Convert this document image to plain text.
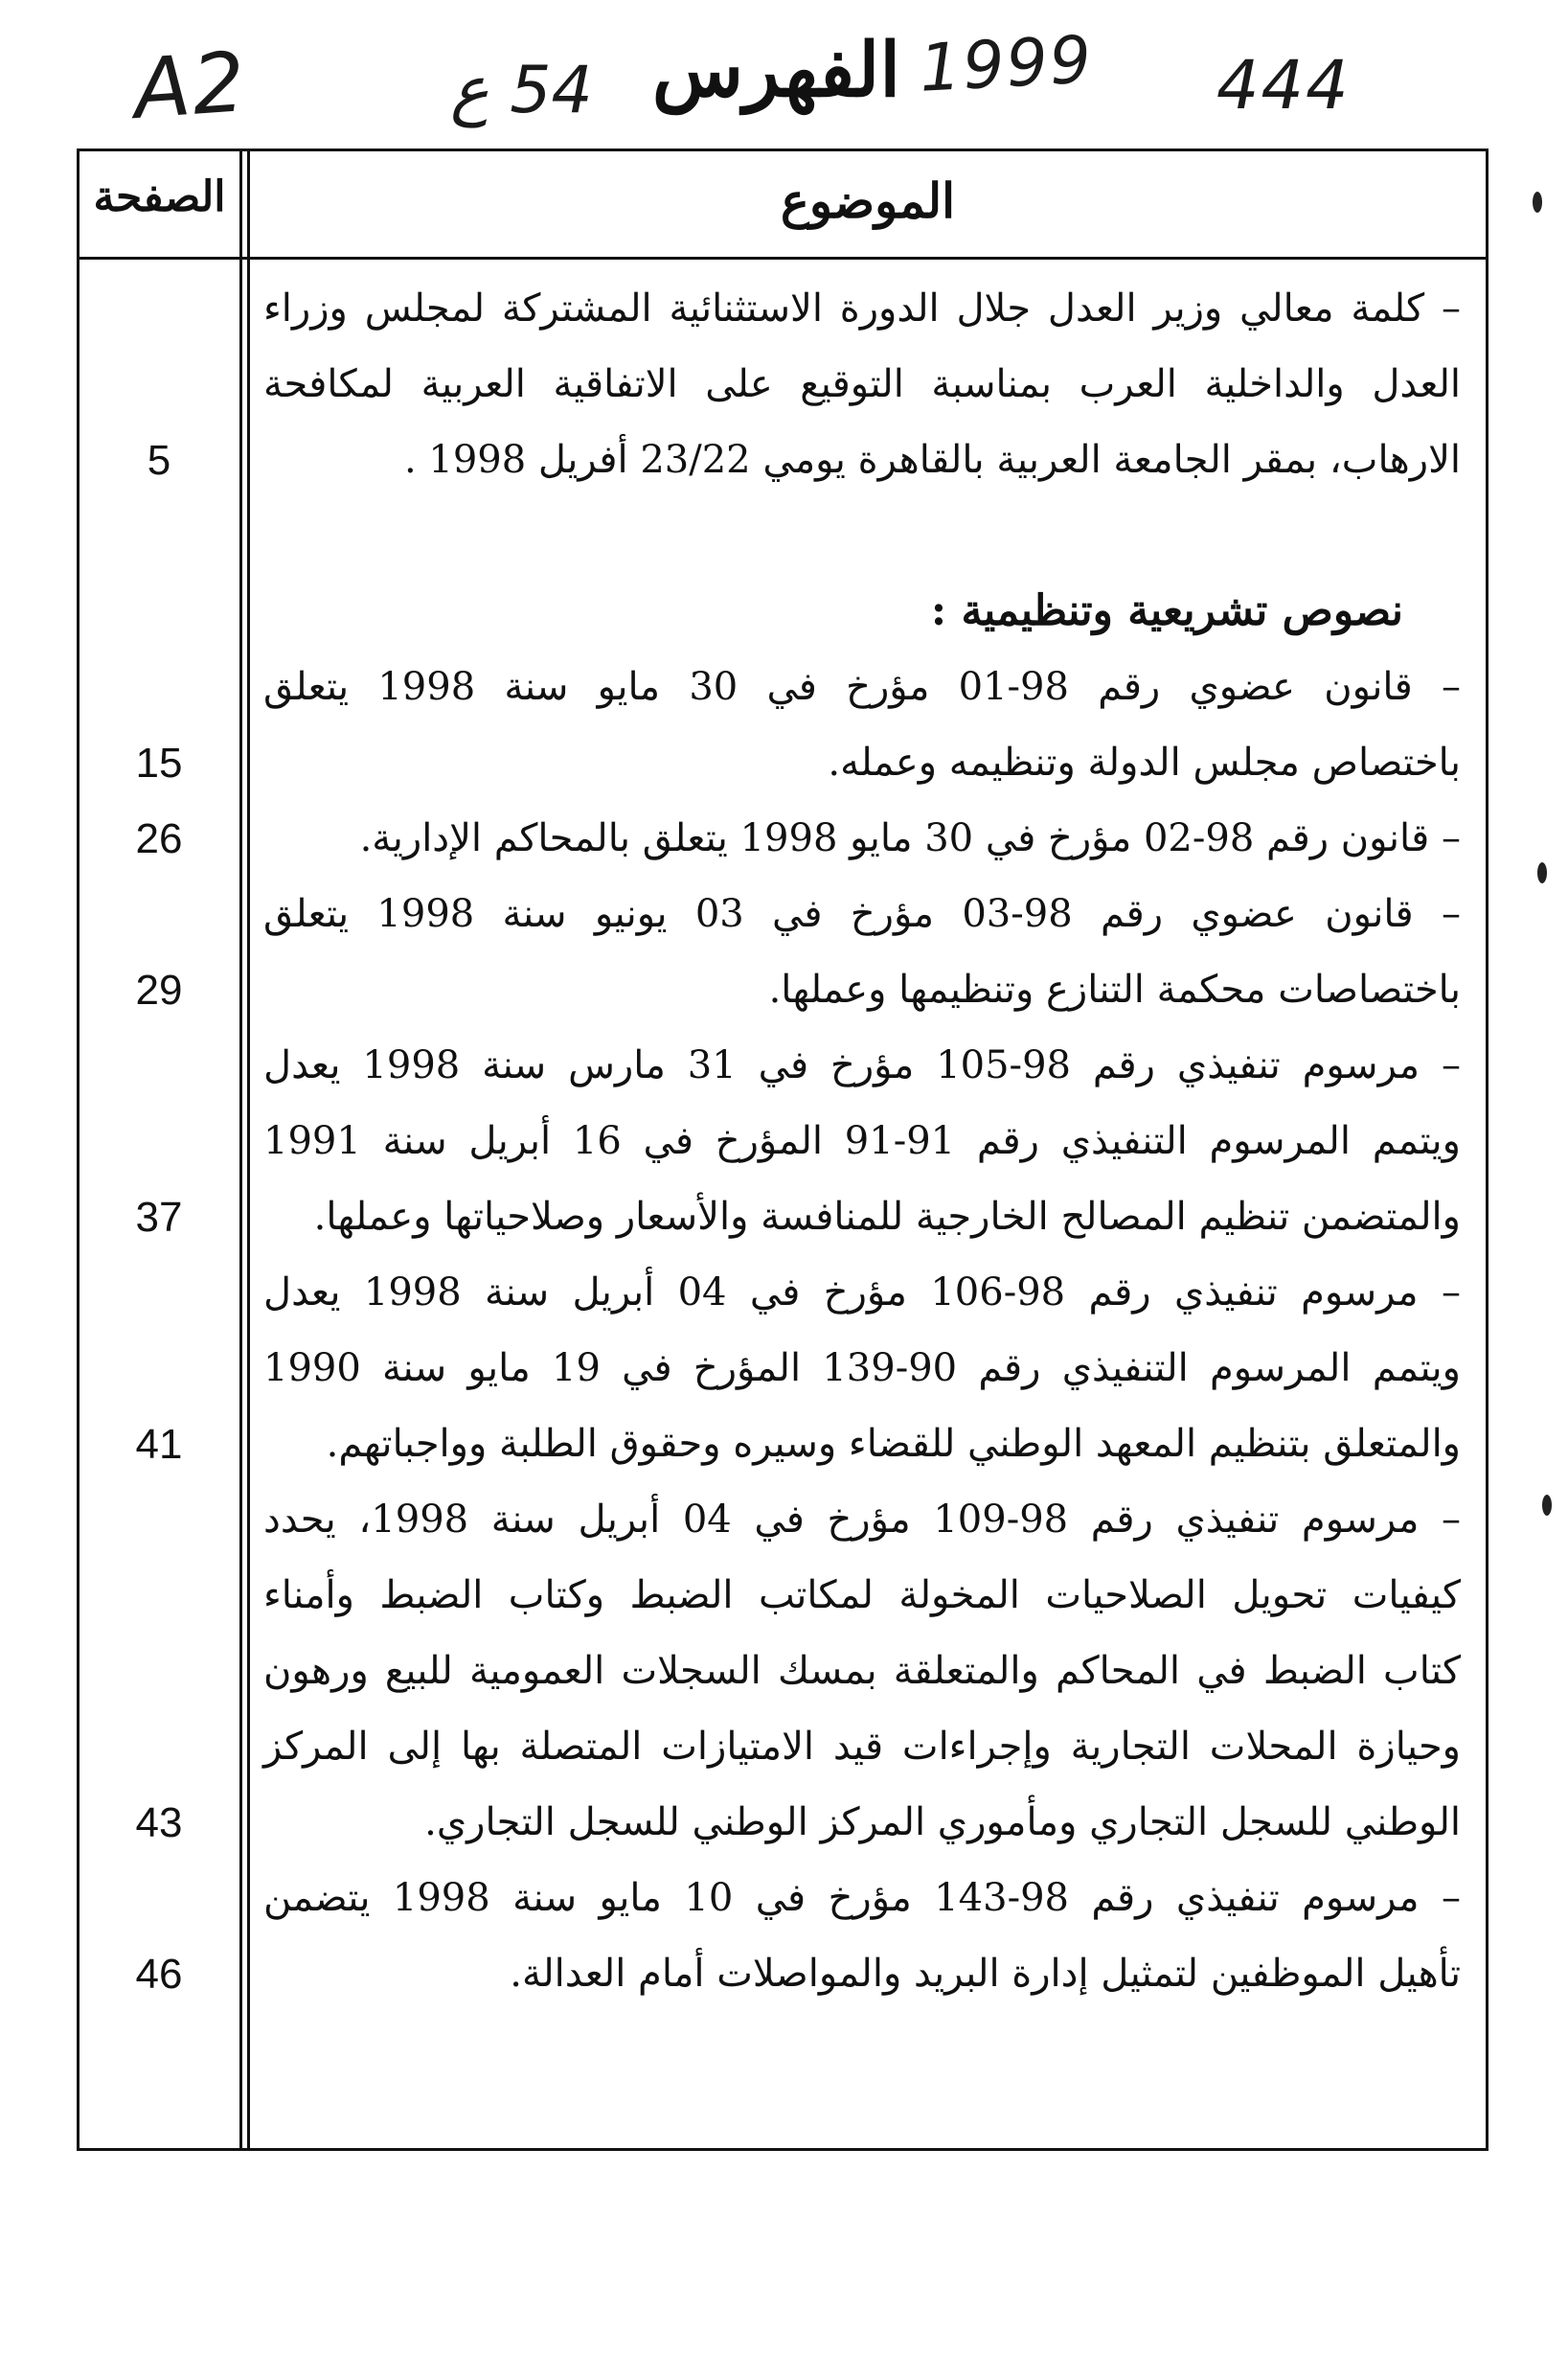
A2	54 ع الفهرس 1999 444
الصفحة	الموضوع
– كلمة معالي وزير العدل جلال الدورة الاستثنائية المشتركة لمجلس وزراء
العدل والداخلية العرب بمناسبة التوقيع على الاتفاقية العربية لمكافحة
الارهاب، بمقر الجامعة العربية بالقاهرة يومي 23/22 أفريل 1998 .
5
نصوص تشريعية وتنظيمية :
– قانون عضوي رقم 98-01 مؤرخ في 30 مايو سنة 1998 يتعلق
باختصاص مجلس الدولة وتنظيمه وعمله.
15
– قانون رقم 98-02 مؤرخ في 30 مايو 1998 يتعلق بالمحاكم الإدارية.
26
– قانون عضوي رقم 98-03 مؤرخ في 03 يونيو سنة 1998 يتعلق
باختصاصات محكمة التنازع وتنظيمها وعملها.
29
– مرسوم تنفيذي رقم 98-105 مؤرخ في 31 مارس سنة 1998 يعدل
ويتمم المرسوم التنفيذي رقم 91-91 المؤرخ في 16 أبريل سنة 1991
والمتضمن تنظيم المصالح الخارجية للمنافسة والأسعار وصلاحياتها وعملها.
37
– مرسوم تنفيذي رقم 98-106 مؤرخ في 04 أبريل سنة 1998 يعدل
ويتمم المرسوم التنفيذي رقم 90-139 المؤرخ في 19 مايو سنة 1990
والمتعلق بتنظيم المعهد الوطني للقضاء وسيره وحقوق الطلبة وواجباتهم.
41
– مرسوم تنفيذي رقم 98-109 مؤرخ في 04 أبريل سنة 1998، يحدد
كيفيات تحويل الصلاحيات المخولة لمكاتب الضبط وكتاب الضبط وأمناء
كتاب الضبط في المحاكم والمتعلقة بمسك السجلات العمومية للبيع ورهون
وحيازة المحلات التجارية وإجراءات قيد الامتيازات المتصلة بها إلى المركز
الوطني للسجل التجاري ومأموري المركز الوطني للسجل التجاري.
43
– مرسوم تنفيذي رقم 98-143 مؤرخ في 10 مايو سنة 1998 يتضمن
تأهيل الموظفين لتمثيل إدارة البريد والمواصلات أمام العدالة.
46
